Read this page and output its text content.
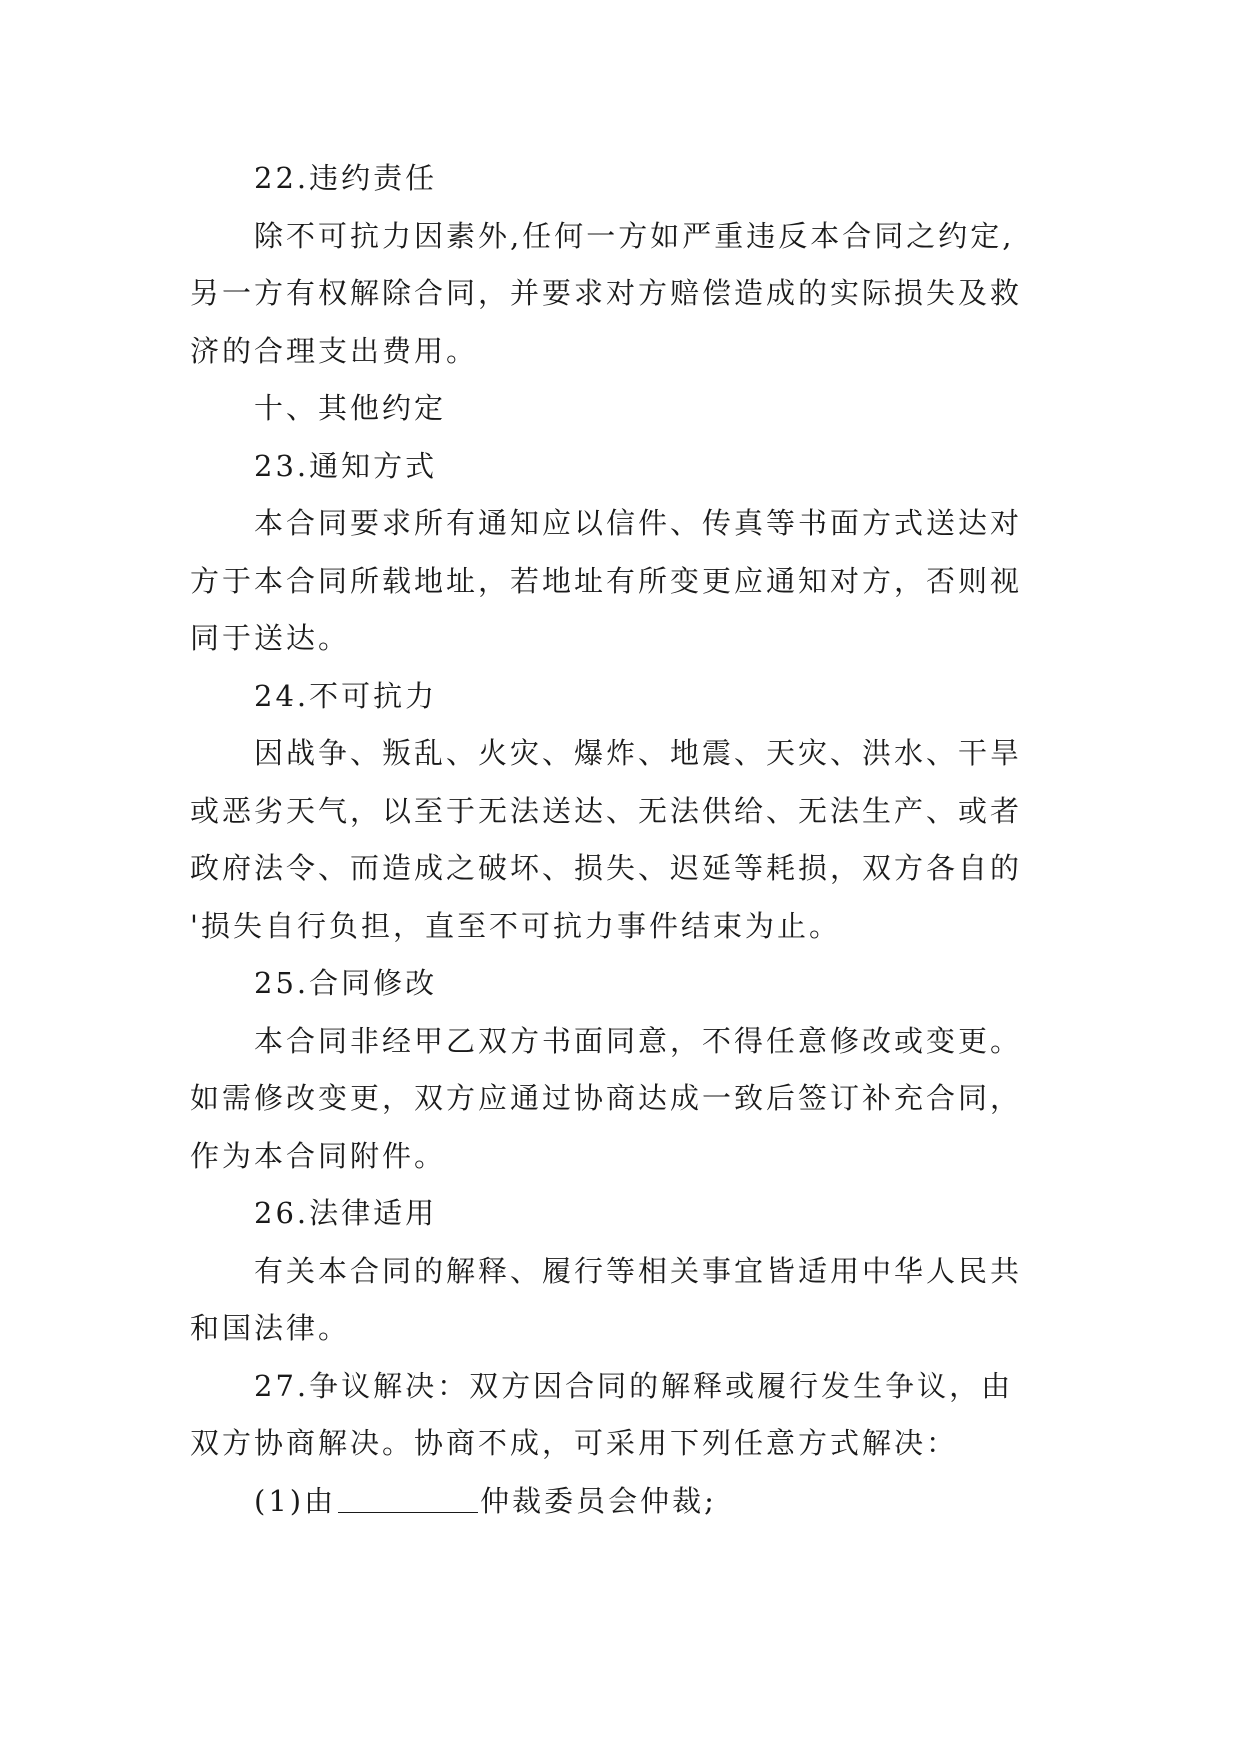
22.违约责任
除不可抗力因素外,任何一方如严重违反本合同之约定,
另一方有权解除合同，并要求对方赔偿造成的实际损失及救
济的合理支出费用。
十、其他约定
23.通知方式
本合同要求所有通知应以信件、传真等书面方式送达对
方于本合同所载地址，若地址有所变更应通知对方，否则视
同于送达。
24.不可抗力
因战争、叛乱、火灾、爆炸、地震、天灾、洪水、干旱
或恶劣天气，以至于无法送达、无法供给、无法生产、或者
政府法令、而造成之破坏、损失、迟延等耗损，双方各自的
'损失自行负担，直至不可抗力事件结束为止。
25.合同修改
本合同非经甲乙双方书面同意，不得任意修改或变更。
如需修改变更，双方应通过协商达成一致后签订补充合同，
作为本合同附件。
26.法律适用
有关本合同的解释、履行等相关事宜皆适用中华人民共
和国法律。
27.争议解决：双方因合同的解释或履行发生争议，由
双方协商解决。协商不成，可采用下列任意方式解决：
(1)由	仲裁委员会仲裁;
